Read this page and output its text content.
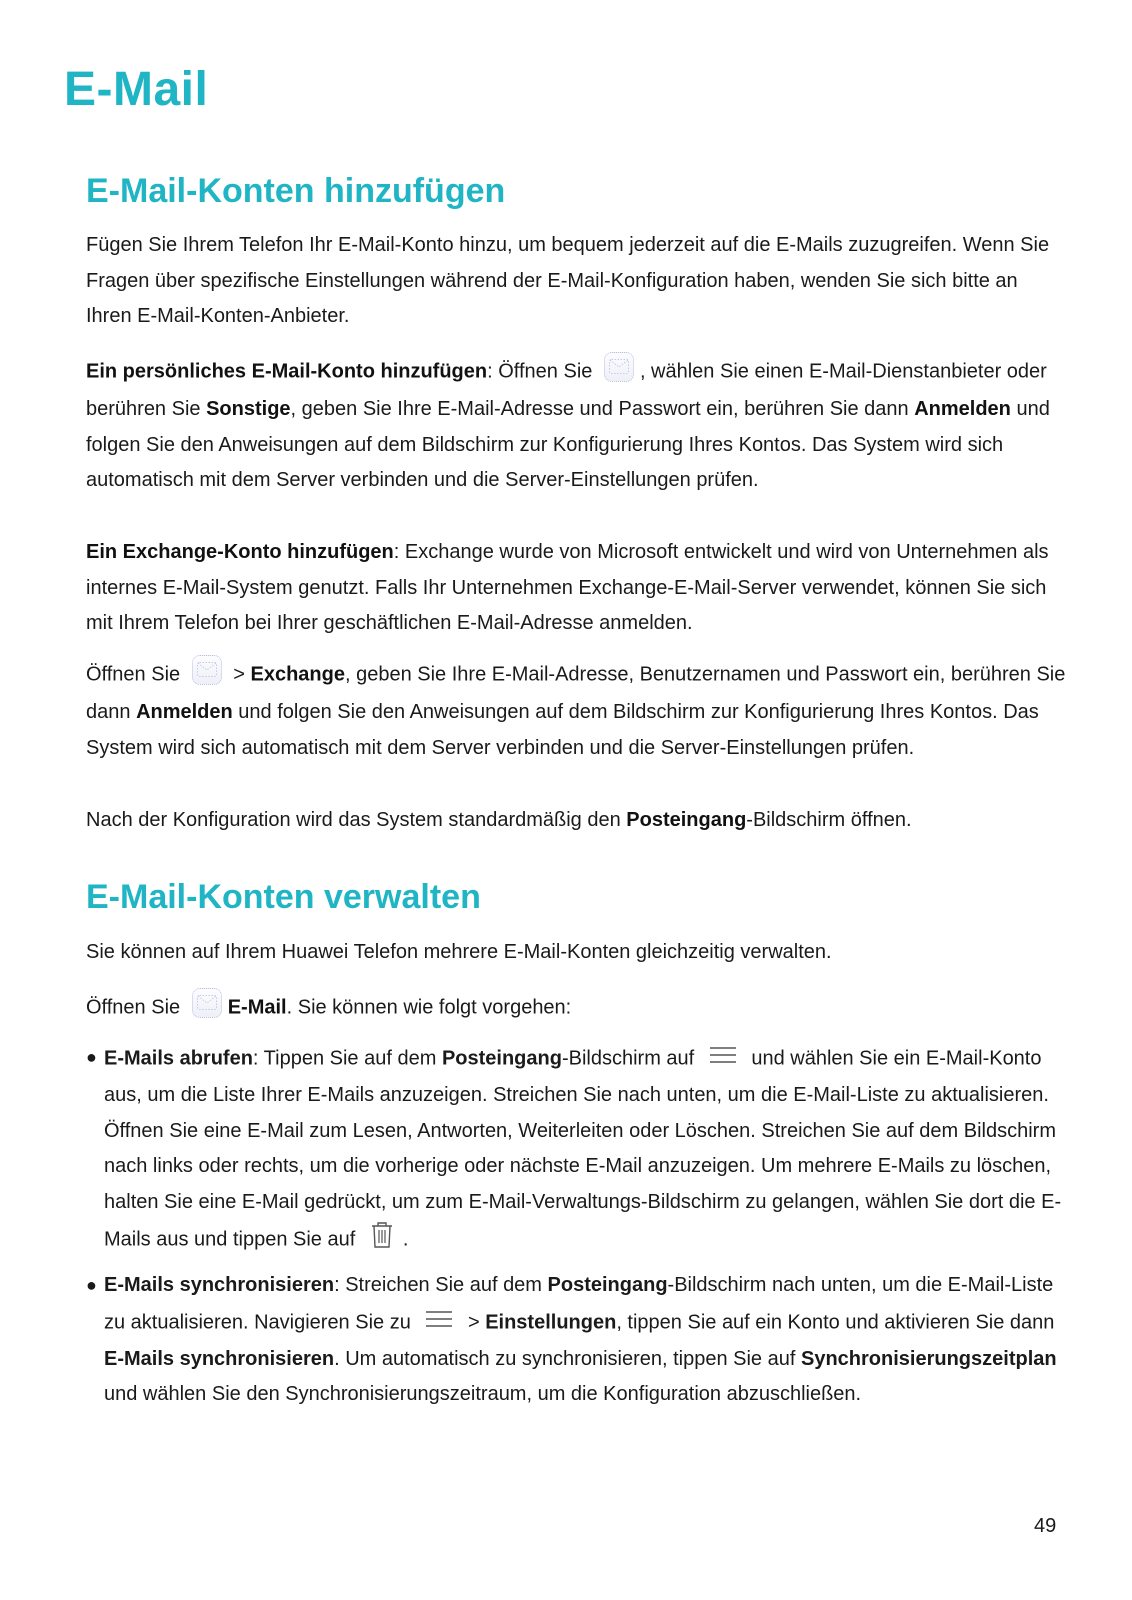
E-Mail
E-Mail-Konten hinzufügen

Fügen Sie Ihrem Telefon Ihr E-Mail-Konto hinzu, um bequem jederzeit auf die E-Mails zuzugreifen. Wenn Sie Fragen über spezifische Einstellungen während der E-Mail-Konfiguration haben, wenden Sie sich bitte an Ihren E-Mail-Konten-Anbieter.

Ein persönliches E-Mail-Konto hinzufügen: Öffnen Sie
, wählen Sie einen E-Mail-Dienstanbieter oder berühren Sie Sonstige, geben Sie Ihre E-Mail-Adresse und Passwort ein, berühren Sie dann Anmelden und folgen Sie den Anweisungen auf dem Bildschirm zur Konfigurierung Ihres Kontos. Das System wird sich automatisch mit dem Server verbinden und die Server-Einstellungen prüfen.

Ein Exchange-Konto hinzufügen: Exchange wurde von Microsoft entwickelt und wird von Unternehmen als internes E-Mail-System genutzt. Falls Ihr Unternehmen Exchange-E-Mail-Server verwendet, können Sie sich mit Ihrem Telefon bei Ihrer geschäftlichen E-Mail-Adresse anmelden.

Öffnen Sie
> Exchange, geben Sie Ihre E-Mail-Adresse, Benutzernamen und Passwort ein, berühren Sie dann Anmelden und folgen Sie den Anweisungen auf dem Bildschirm zur Konfigurierung Ihres Kontos. Das System wird sich automatisch mit dem Server verbinden und die Server-Einstellungen prüfen.

Nach der Konfiguration wird das System standardmäßig den Posteingang-Bildschirm öffnen.

E-Mail-Konten verwalten

Sie können auf Ihrem Huawei Telefon mehrere E-Mail-Konten gleichzeitig verwalten.

Öffnen Sie
E-Mail. Sie können wie folgt vorgehen:

● E-Mails abrufen: Tippen Sie auf dem Posteingang-Bildschirm auf  und wählen Sie ein E-Mail-Konto aus, um die Liste Ihrer E-Mails anzuzeigen. Streichen Sie nach unten, um die E-Mail-Liste zu aktualisieren. Öffnen Sie eine E-Mail zum Lesen, Antworten, Weiterleiten oder Löschen. Streichen Sie auf dem Bildschirm nach links oder rechts, um die vorherige oder nächste E-Mail anzuzeigen. Um mehrere E-Mails zu löschen, halten Sie eine E-Mail gedrückt, um zum E-Mail-Verwaltungs-Bildschirm zu gelangen, wählen Sie dort die E-Mails aus und tippen Sie auf .
● E-Mails synchronisieren: Streichen Sie auf dem Posteingang-Bildschirm nach unten, um die E-Mail-Liste zu aktualisieren. Navigieren Sie zu  > Einstellungen, tippen Sie auf ein Konto und aktivieren Sie dann E-Mails synchronisieren. Um automatisch zu synchronisieren, tippen Sie auf Synchronisierungszeitplan und wählen Sie den Synchronisierungszeitraum, um die Konfiguration abzuschließen.
49
